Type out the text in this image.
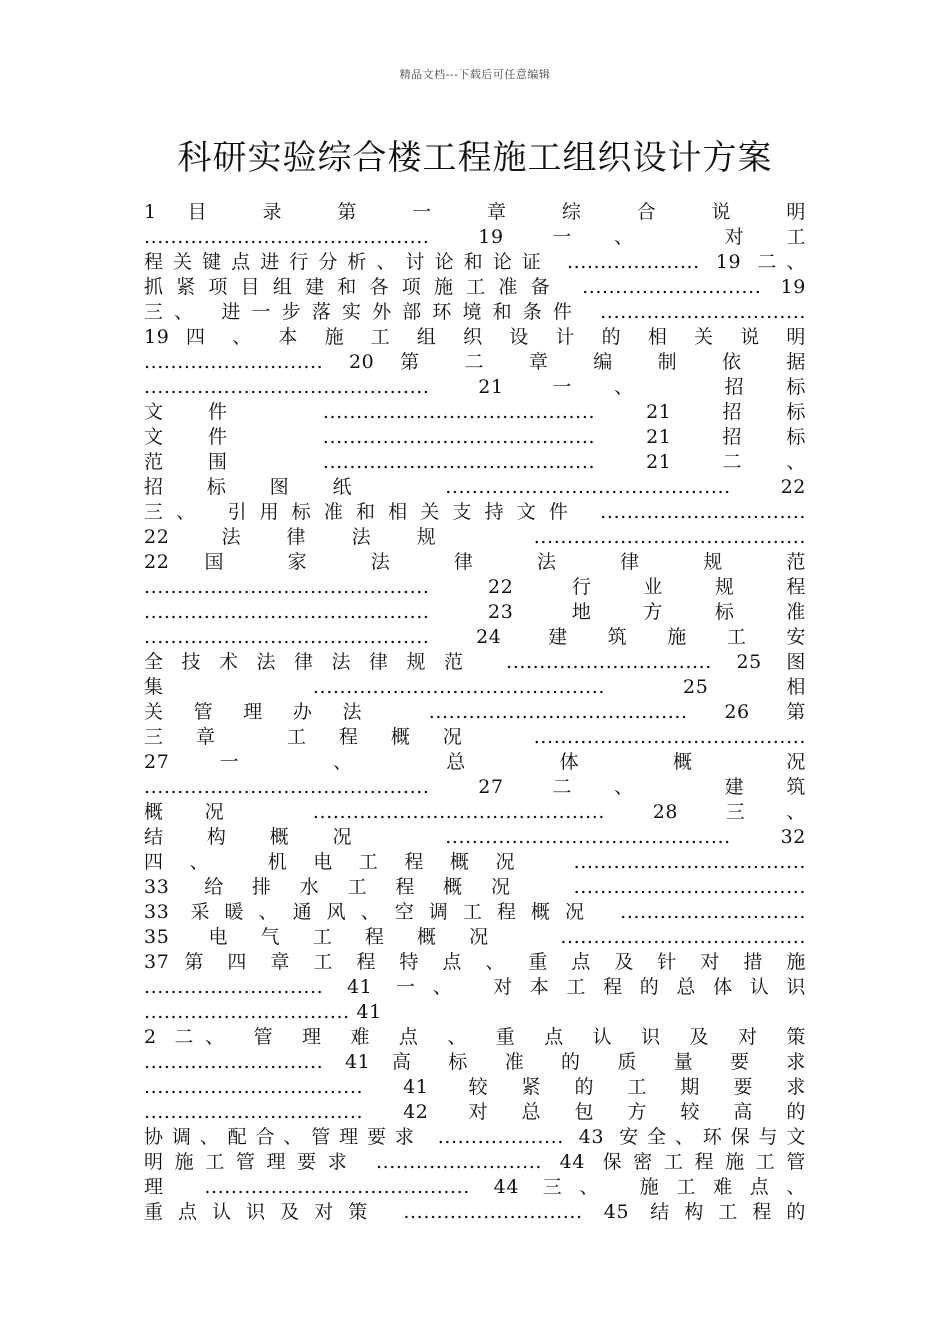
精品文档---下载后可任意编辑
科研实验综合楼工程施工组织设计方案
1 目 录 第 一 章 综 合 说 明
........................................... 19 一、 对工
程关键点进行分析、讨论和论证 .................... 19 二、
抓紧项目组建和各项施工准备 ........................... 19
三、 进一步落实外部环境和条件 ...............................
19 四 、 本 施 工 组 织 设 计 的 相 关 说 明
........................... 20 第 二 章 编 制 依 据
........................................... 21 一、 招标
文件 ......................................... 21 招标
文件 ......................................... 21 招标
范围 ......................................... 21 二、
招标图纸 ........................................... 22
三、 引用标准和相关支持文件 ...............................
22 法律法规 .........................................
22 国 家 法 律 法 律 规 范
........................................... 22 行业规程
........................................... 23 地方标准
........................................... 24 建筑施工安
全技术法律法律规范 ............................... 25 图
集 ............................................ 25 相
关管理办法 ....................................... 26 第
三章 工程概况 .........................................
27 一 、 总 体 概 况
........................................... 27 二、 建筑
概况 ............................................ 28 三、
结构概况 ........................................... 32
四、 机电工程概况 ...................................
33 给排水工程概况 ...................................
33 采暖、通风、空调工程概况 ............................
35 电气工程概况 .....................................
37 第 四 章 工 程 特 点 、 重 点 及 针 对 措 施
........................... 41 一、 对本工程的总体认识
............................... 41
2 二、 管 理 难 点 、 重 点 认 识 及 对 策
........................... 41 高 标 准 的 质 量 要 求
................................. 41 较紧的工期要求
................................. 42 对总包方较高的
协调、配合、管理要求 ................... 43 安全、环保与文
明施工管理要求 ......................... 44 保密工程施工管
理 ........................................ 44 三、 施工难点、
重点认识及对策 ........................... 45 结构工程的
